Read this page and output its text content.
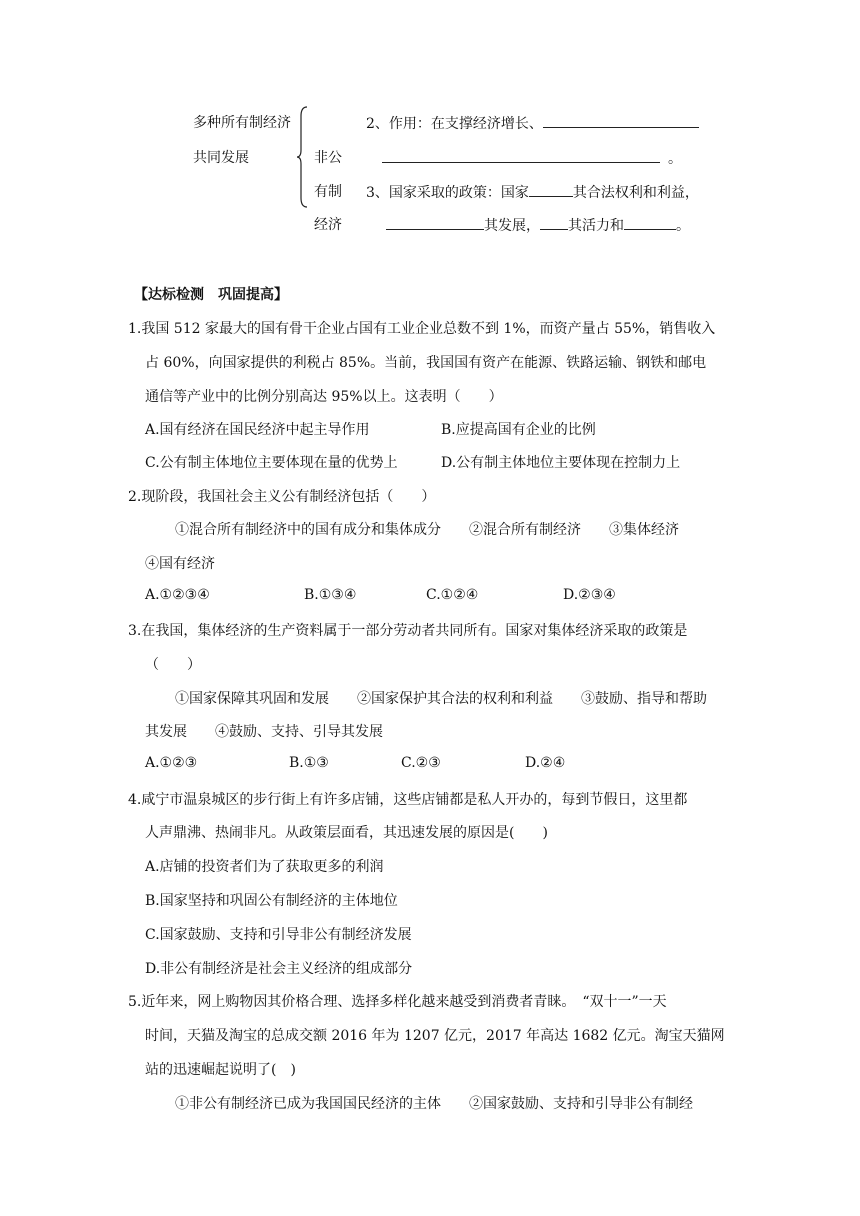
多种所有制经济
共同发展	非公
有制
经济
2、作用：在支撑经济增长、
。
3、国家采取的政策：国家	其合法权利和利益，
其发展， 其活力和	。
【达标检测　巩固提高】
1.我国 512 家最大的国有骨干企业占国有工业企业总数不到 1%，而资产量占 55%，销售收入
占 60%，向国家提供的利税占 85%。当前，我国国有资产在能源、铁路运输、钢铁和邮电
通信等产业中的比例分别高达 95%以上。这表明（　　）
A.国有经济在国民经济中起主导作用	B.应提高国有企业的比例
C.公有制主体地位主要体现在量的优势上	D.公有制主体地位主要体现在控制力上
2.现阶段，我国社会主义公有制经济包括（　　）
①混合所有制经济中的国有成分和集体成分　　②混合所有制经济　　③集体经济
④国有经济
A.①②③④	B.①③④	C.①②④	D.②③④
3.在我国，集体经济的生产资料属于一部分劳动者共同所有。国家对集体经济采取的政策是
（　　）
①国家保障其巩固和发展　　②国家保护其合法的权利和利益　　③鼓励、指导和帮助
其发展　　④鼓励、支持、引导其发展
A.①②③	B.①③	C.②③	D.②④
4.咸宁市温泉城区的步行街上有许多店铺，这些店铺都是私人开办的，每到节假日，这里都
人声鼎沸、热闹非凡。从政策层面看，其迅速发展的原因是(　　)
A.店铺的投资者们为了获取更多的利润
B.国家坚持和巩固公有制经济的主体地位
C.国家鼓励、支持和引导非公有制经济发展
D.非公有制经济是社会主义经济的组成部分
5.近年来，网上购物因其价格合理、选择多样化越来越受到消费者青睐。　“双十一”一天
时间，天猫及淘宝的总成交额 2016 年为 1207 亿元，2017 年高达 1682 亿元。淘宝天猫网
站的迅速崛起说明了(　)
①非公有制经济已成为我国国民经济的主体　　②国家鼓励、支持和引导非公有制经
